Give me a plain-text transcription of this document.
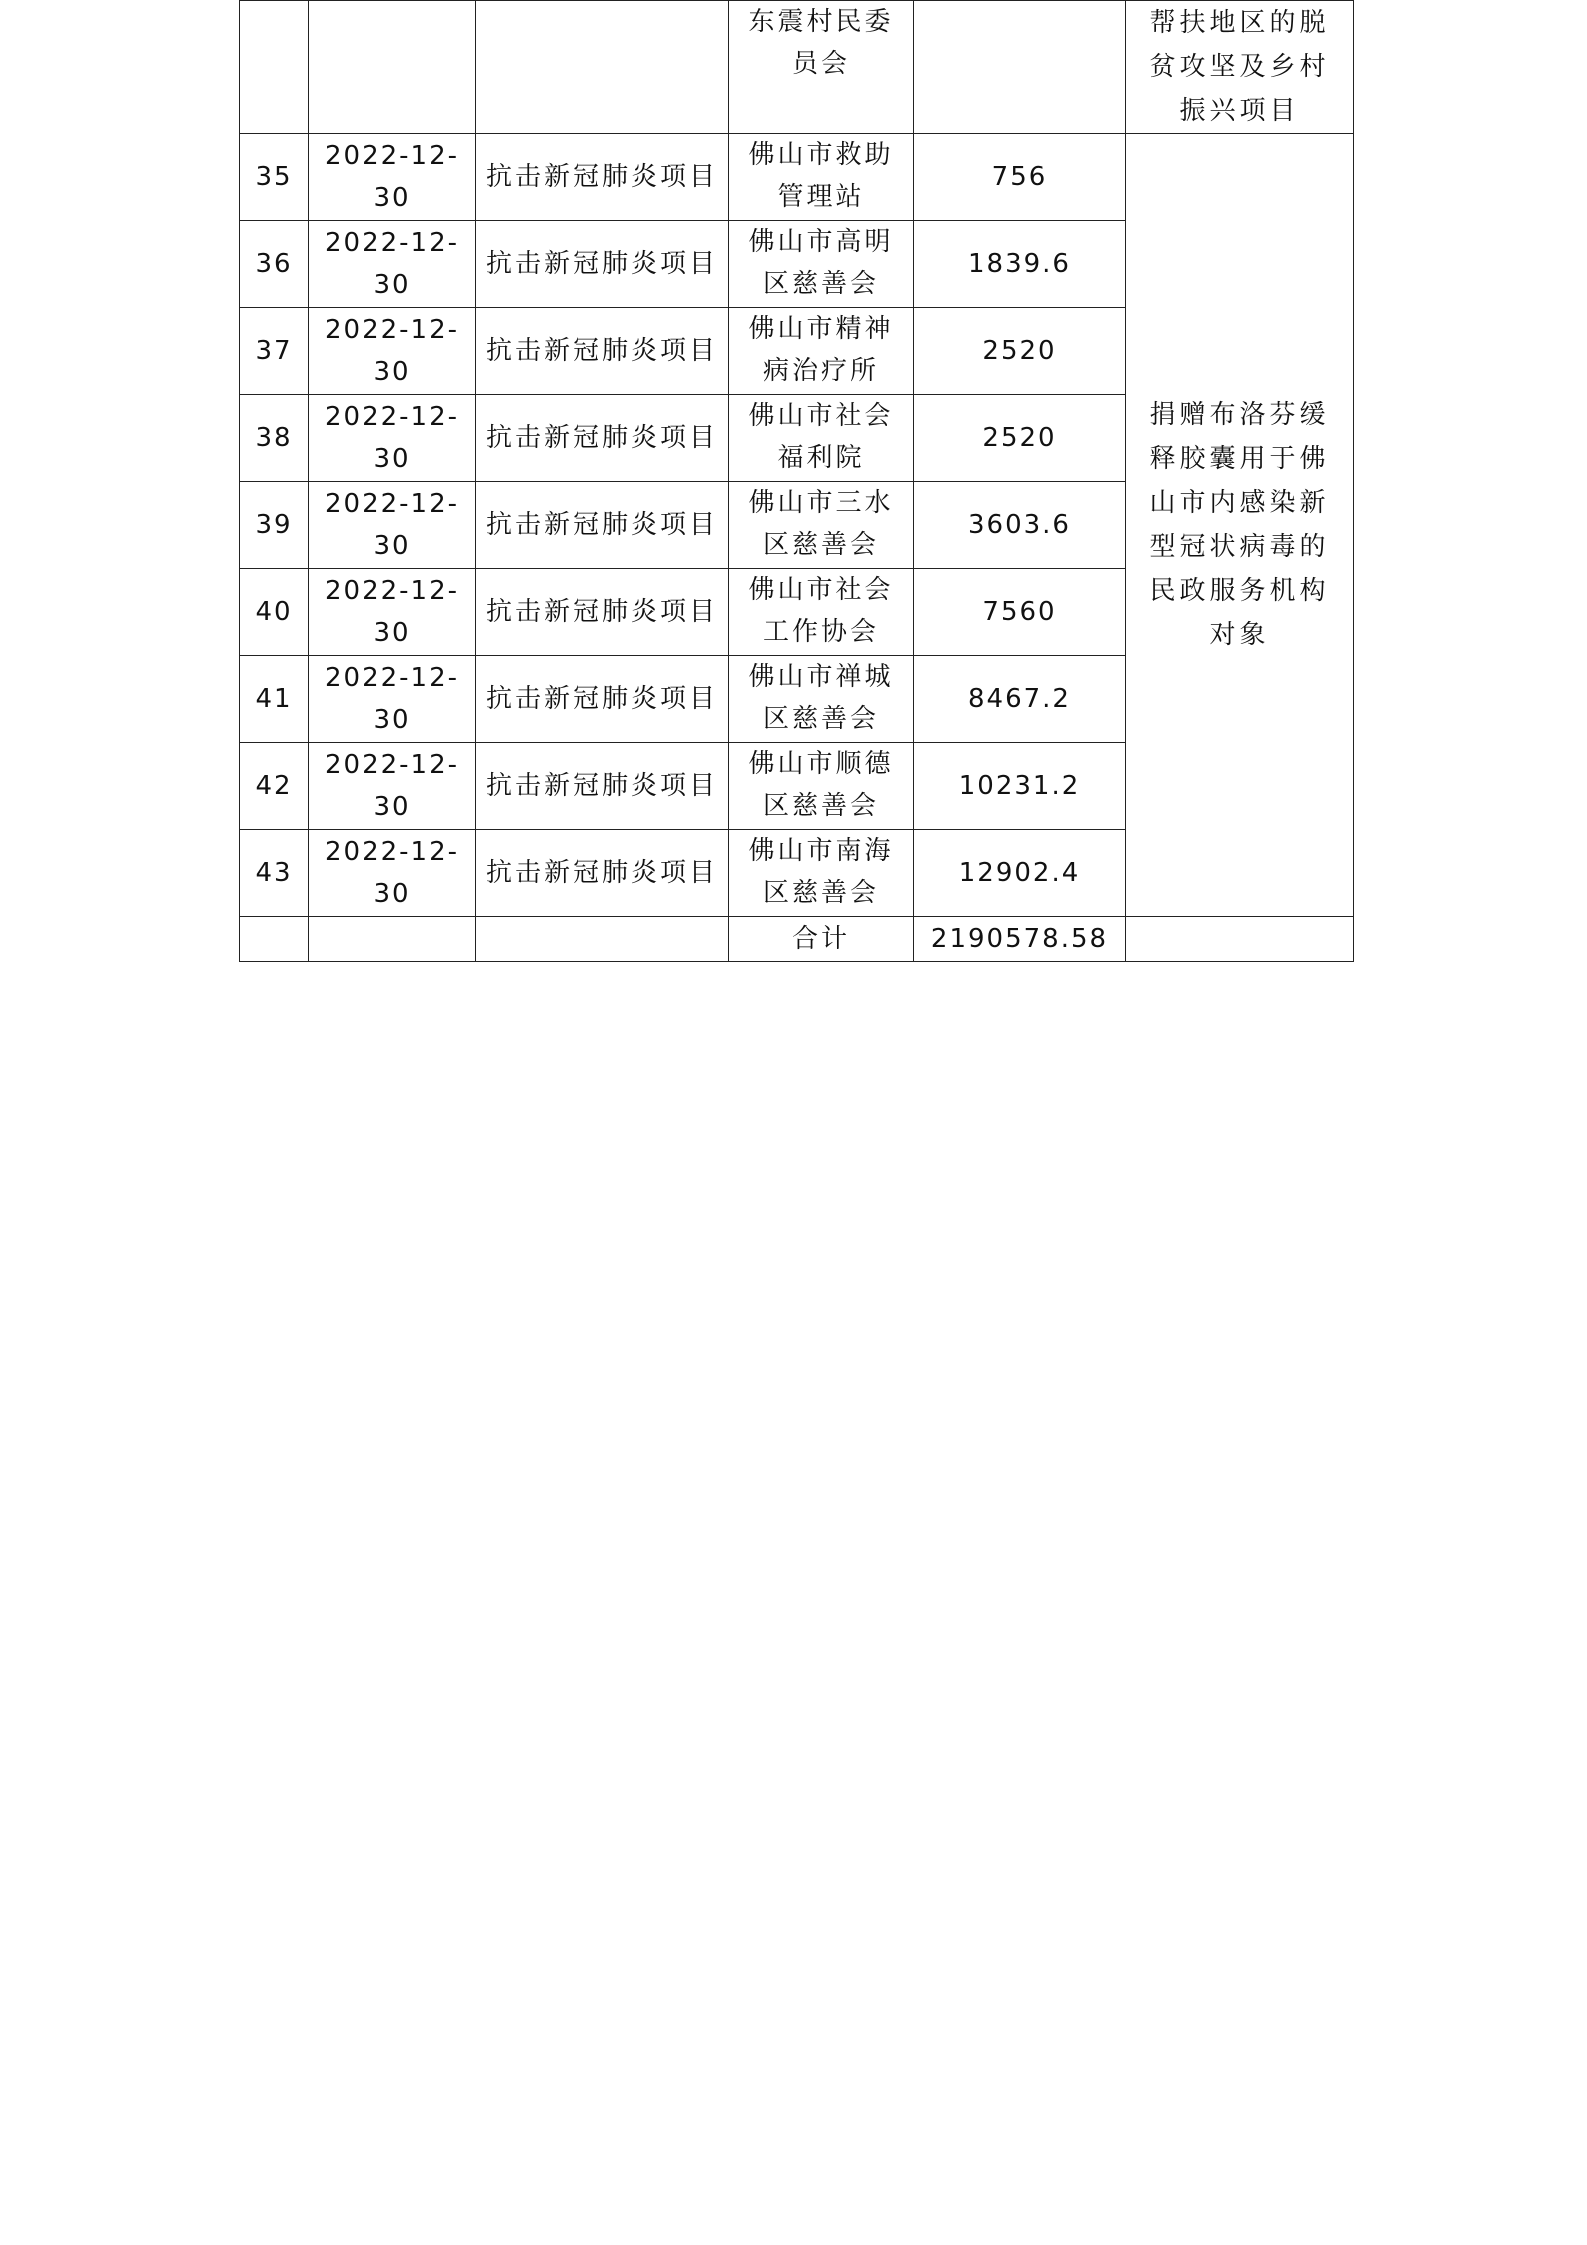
			东震村民委员会		帮扶地区的脱贫攻坚及乡村振兴项目
35	2022-12-30	抗击新冠肺炎项目	佛山市救助管理站	756	捐赠布洛芬缓释胶囊用于佛山市内感染新型冠状病毒的民政服务机构对象
36	2022-12-30	抗击新冠肺炎项目	佛山市高明区慈善会	1839.6	
37	2022-12-30	抗击新冠肺炎项目	佛山市精神病治疗所	2520	
38	2022-12-30	抗击新冠肺炎项目	佛山市社会福利院	2520	
39	2022-12-30	抗击新冠肺炎项目	佛山市三水区慈善会	3603.6	
40	2022-12-30	抗击新冠肺炎项目	佛山市社会工作协会	7560	
41	2022-12-30	抗击新冠肺炎项目	佛山市禅城区慈善会	8467.2	
42	2022-12-30	抗击新冠肺炎项目	佛山市顺德区慈善会	10231.2	
43	2022-12-30	抗击新冠肺炎项目	佛山市南海区慈善会	12902.4	
			合计	2190578.58	
